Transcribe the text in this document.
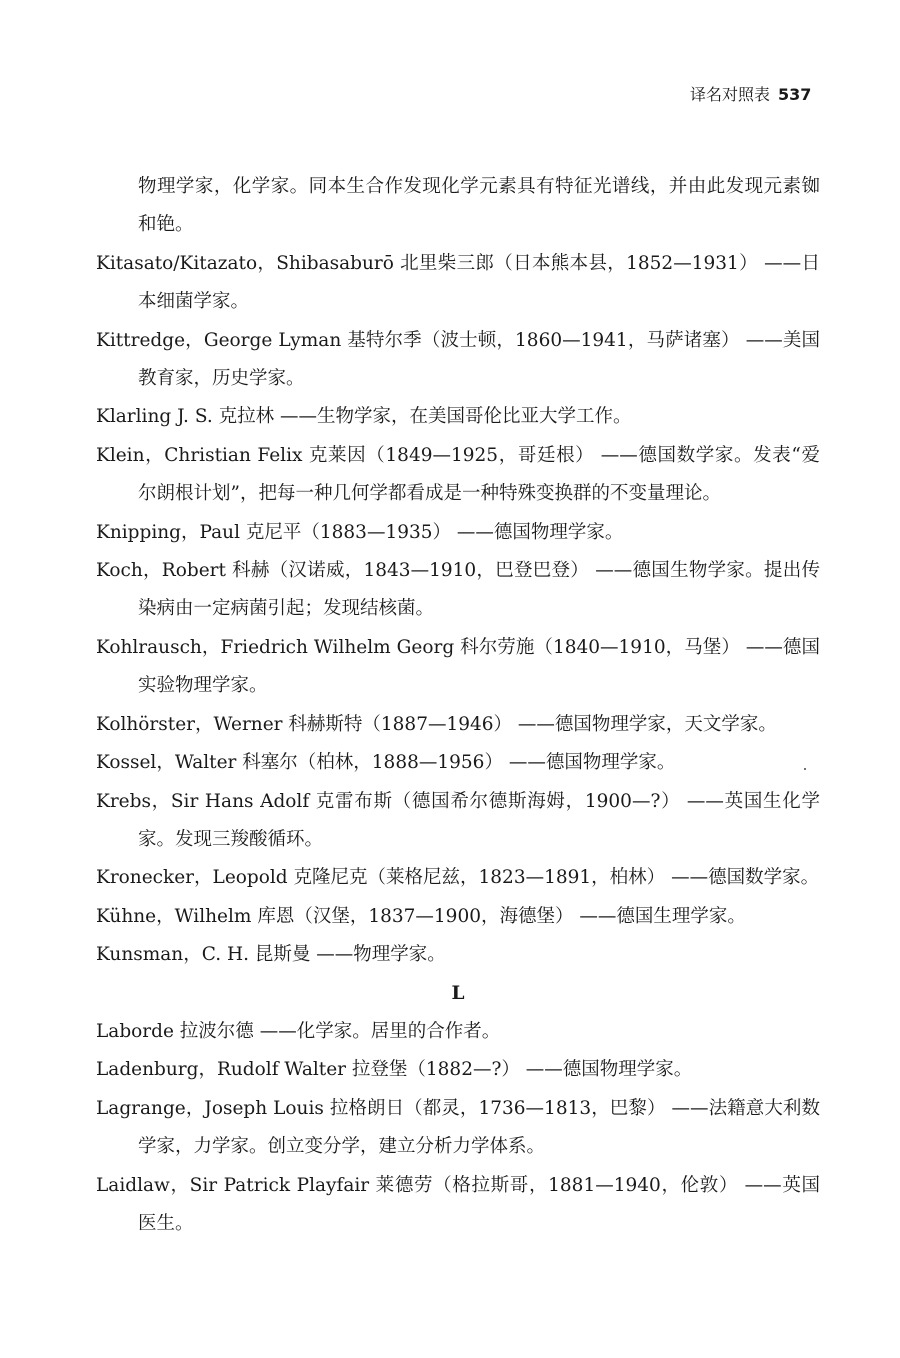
译名对照表 537

物理学家，化学家。同本生合作发现化学元素具有特征光谱线，并由此发现元素铷和铯。

Kitasato/Kitazato，Shibasaburō 北里柴三郎（日本熊本县，1852—1931） ——日本细菌学家。

Kittredge，George Lyman 基特尔季（波士顿，1860—1941，马萨诸塞） ——美国教育家，历史学家。

Klarling J. S. 克拉林 ——生物学家，在美国哥伦比亚大学工作。

Klein，Christian Felix 克莱因（1849—1925，哥廷根） ——德国数学家。发表“爱尔朗根计划”，把每一种几何学都看成是一种特殊变换群的不变量理论。

Knipping，Paul 克尼平（1883—1935） ——德国物理学家。

Koch，Robert 科赫（汉诺威，1843—1910，巴登巴登） ——德国生物学家。提出传染病由一定病菌引起；发现结核菌。

Kohlrausch，Friedrich Wilhelm Georg 科尔劳施（1840—1910，马堡） ——德国实验物理学家。

Kolhörster，Werner 科赫斯特（1887—1946） ——德国物理学家，天文学家。

Kossel，Walter 科塞尔（柏林，1888—1956） ——德国物理学家。

Krebs，Sir Hans Adolf 克雷布斯（德国希尔德斯海姆，1900—?） ——英国生化学家。发现三羧酸循环。

Kronecker，Leopold 克隆尼克（莱格尼兹，1823—1891，柏林） ——德国数学家。

Kühne，Wilhelm 库恩（汉堡，1837—1900，海德堡） ——德国生理学家。

Kunsman，C. H. 昆斯曼 ——物理学家。

L

Laborde 拉波尔德 ——化学家。居里的合作者。

Ladenburg，Rudolf Walter 拉登堡（1882—?） ——德国物理学家。

Lagrange，Joseph Louis 拉格朗日（都灵，1736—1813，巴黎） ——法籍意大利数学家，力学家。创立变分学，建立分析力学体系。

Laidlaw，Sir Patrick Playfair 莱德劳（格拉斯哥，1881—1940，伦敦） ——英国医生。
